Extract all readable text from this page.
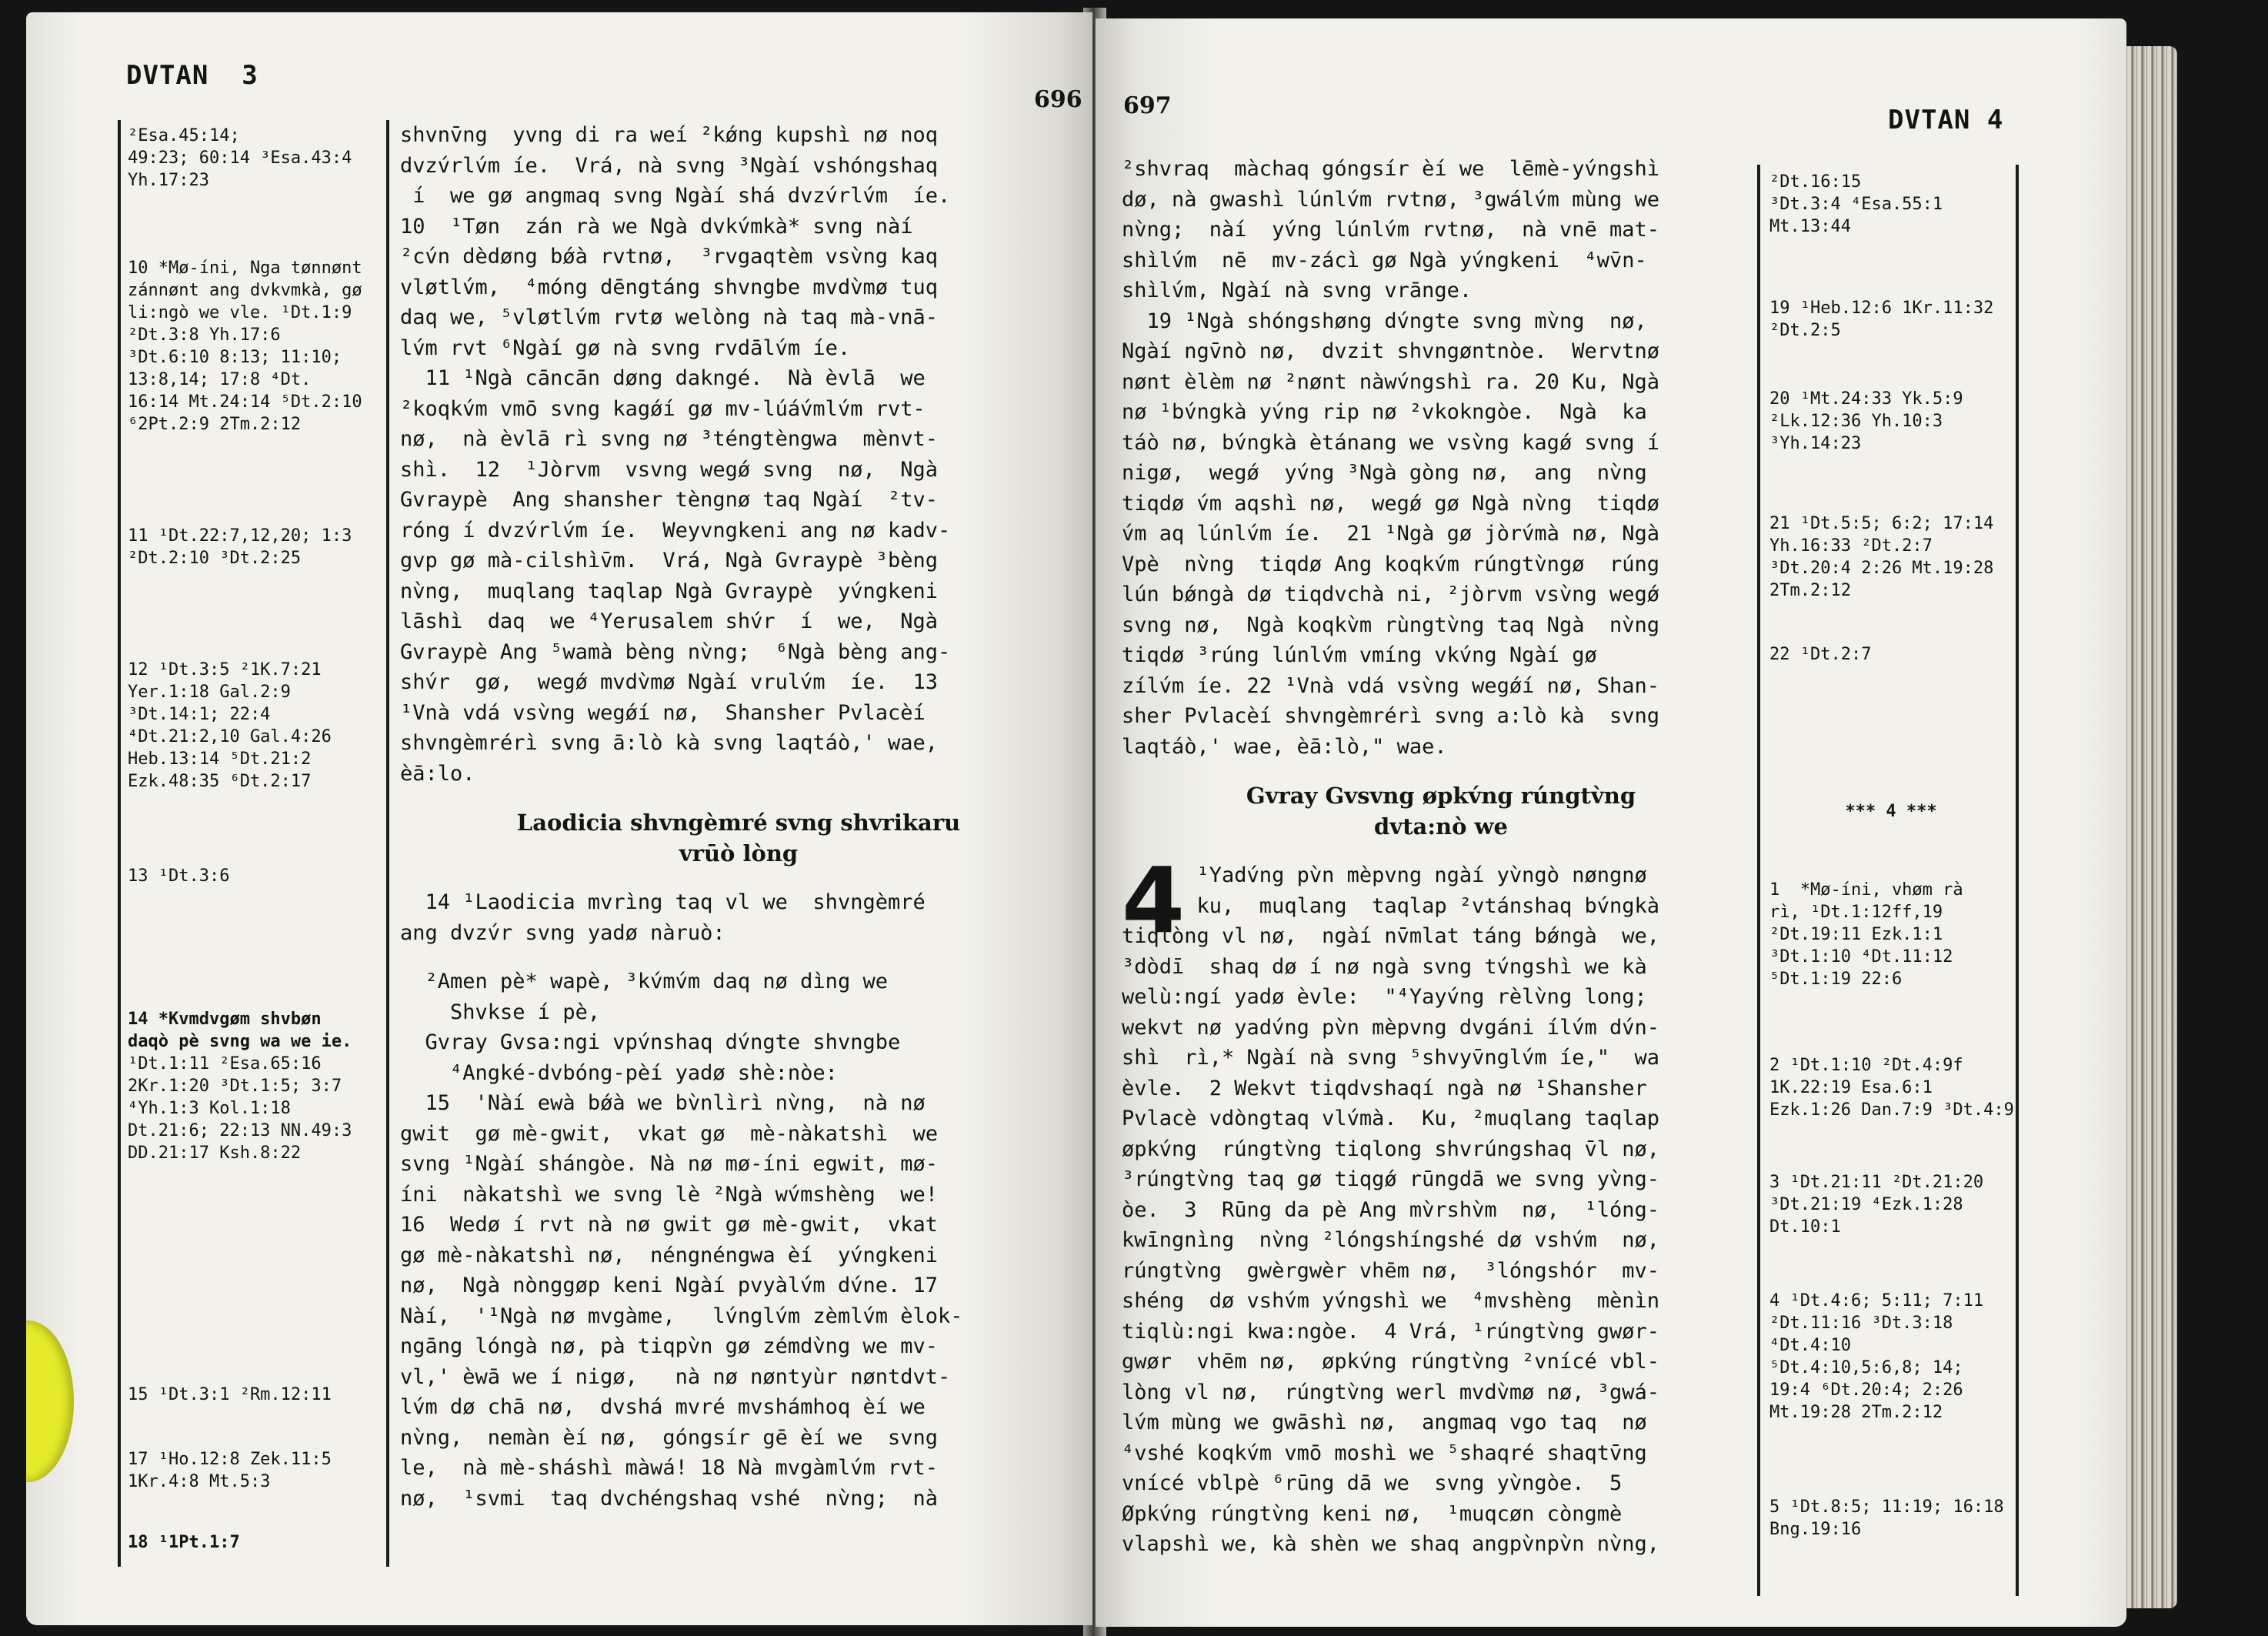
DVTAN  3
696

²Esa.45:14;

49:23; 60:14 ³Esa.43:4

Yh.17:23

10 *Mø-íni, Nga tønnønt

zánnønt ang dvkvmkà, gø

li:ngò we vle. ¹Dt.1:9

²Dt.3:8 Yh.17:6

³Dt.6:10 8:13; 11:10;

13:8,14; 17:8 ⁴Dt.

16:14 Mt.24:14 ⁵Dt.2:10

⁶2Pt.2:9 2Tm.2:12

11 ¹Dt.22:7,12,20; 1:3

²Dt.2:10 ³Dt.2:25

12 ¹Dt.3:5 ²1K.7:21

Yer.1:18 Gal.2:9

³Dt.14:1; 22:4

⁴Dt.21:2,10 Gal.4:26

Heb.13:14 ⁵Dt.21:2

Ezk.48:35 ⁶Dt.2:17

13 ¹Dt.3:6

14 *Kvmdvgøm shvbøn

daqò pè svng wa we ie.

¹Dt.1:11 ²Esa.65:16

2Kr.1:20 ³Dt.1:5; 3:7

⁴Yh.1:3 Kol.1:18

Dt.21:6; 22:13 NN.49:3

DD.21:17 Ksh.8:22

15 ¹Dt.3:1 ²Rm.12:11

17 ¹Ho.12:8 Zek.11:5

1Kr.4:8 Mt.5:3

18 ¹1Pt.1:7

shvnv̄ng  yvng di ra weí ²kǿng kupshì nø noq

dvzv́rlv́m íe.  Vrá, nà svng ³Ngàí vshóngshaq

í  we gø angmaq svng Ngàí shá dvzv́rlv́m  íe.

10  ¹Tøn  zán rà we Ngà dvkv́mkà* svng nàí

²cv́n dèdøng bǿà rvtnø,  ³rvgaqtèm vsv̀ng kaq

vløtlv́m,  ⁴móng dēngtáng shvngbe mvdv̀mø tuq

daq we, ⁵vløtlv́m rvtø welòng nà taq mà-vnā-

lv́m rvt ⁶Ngàí gø nà svng rvdālv́m íe.

11 ¹Ngà cāncān døng dakngé.  Nà èvlā  we

²koqkv́m vmō svng kagǿí gø mv-lúáv́mlv́m rvt-

nø,  nà èvlā rì svng nø ³téngtèngwa  mènvt-

shì.  12  ¹Jòrvm  vsvng wegǿ svng  nø,  Ngà

Gvraypè  Ang shansher tèngnø taq Ngàí  ²tv-

róng í dvzv́rlv́m íe.  Weyvngkeni ang nø kadv-

gvp gø mà-cilshìv̄m.  Vrá, Ngà Gvraypè ³bèng

nv̀ng,  muqlang taqlap Ngà Gvraypè  yv́ngkeni

lāshì  daq  we ⁴Yerusalem shv́r  í  we,  Ngà

Gvraypè Ang ⁵wamà bèng nv̀ng;  ⁶Ngà bèng ang-

shv́r  gø,  wegǿ mvdv̀mø Ngàí vrulv́m  íe.  13

¹Vnà vdá vsv̀ng wegǿí nø,  Shansher Pvlacèí

shvngèmrérì svng ā:lò kà svng laqtáò,' wae,

èā:lo.

Laodicia shvngèmré svng shvrikaru

vrūò lòng

14 ¹Laodicia mvrìng taq vl we  shvngèmré

ang dvzv́r svng yadø nàruò:

²Amen pè* wapè, ³kv́mv́m daq nø dìng we

Shvkse í pè,

Gvray Gvsa:ngi vpv́nshaq dv́ngte shvngbe

⁴Angké-dvbóng-pèí yadø shè:nòe:

15  'Nàí ewà bǿà we bv̀nlìrì nv̀ng,  nà nø

gwit  gø mè-gwit,  vkat gø  mè-nàkatshì  we

svng ¹Ngàí shángòe. Nà nø mø-íni egwit, mø-

íni  nàkatshì we svng lè ²Ngà wv́mshèng  we!

16  Wedø í rvt nà nø gwit gø mè-gwit,  vkat

gø mè-nàkatshì nø,  néngnéngwa èí  yv́ngkeni

nø,  Ngà nònggøp keni Ngàí pvyàlv́m dv́ne. 17

Nàí,  '¹Ngà nø mvgàme,   lv́nglv́m zèmlv́m èlok-

ngāng lóngà nø, pà tiqpv̀n gø zémdv̀ng we mv-

vl,' èwā we í nigø,   nà nø nøntyùr nøntdvt-

lv́m dø chā nø,  dvshá mvré mvshámhoq èí we

nv̀ng,  nemàn èí nø,  góngsír gē èí we  svng

le,  nà mè-sháshì màwá! 18 Nà mvgàmlv́m rvt-

nø,  ¹svmi  taq dvchéngshaq vshé  nv̀ng;  nà

697	DVTAN 4

²shvraq  màchaq góngsír èí we  lēmè-yv́ngshì

dø, nà gwashì lúnlv́m rvtnø, ³gwálv́m mùng we

nv̀ng;  nàí  yv́ng lúnlv́m rvtnø,  nà vnē mat-

shìlv́m  nē  mv-zácì gø Ngà yv́ngkeni  ⁴wv̄n-

shìlv́m, Ngàí nà svng vrānge.

19 ¹Ngà shóngshøng dv́ngte svng mv̀ng  nø,

Ngàí ngv̄nò nø,  dvzit shvngøntnòe.  Wervtnø

nønt èlèm nø ²nønt nàwv́ngshì ra. 20 Ku, Ngà

nø ¹bv́ngkà yv́ng rip nø ²vkokngòe.  Ngà  ka

táò nø, bv́ngkà ètánang we vsv̀ng kagǿ svng í

nigø,  wegǿ  yv́ng ³Ngà gòng nø,  ang  nv̀ng

tiqdø v́m aqshì nø,  wegǿ gø Ngà nv̀ng  tiqdø

v́m aq lúnlv́m íe.  21 ¹Ngà gø jòrv́mà nø, Ngà

Vpè  nv̀ng  tiqdø Ang koqkv́m rúngtv̀ngø  rúng

lún bǿngà dø tiqdvchà ni, ²jòrvm vsv̀ng wegǿ

svng nø,  Ngà koqkv̀m rùngtv̀ng taq Ngà  nv̀ng

tiqdø ³rúng lúnlv́m vmíng vkv́ng Ngàí gø

zílv́m íe. 22 ¹Vnà vdá vsv̀ng wegǿí nø, Shan-

sher Pvlacèí shvngèmrérì svng a:lò kà  svng

laqtáò,' wae, èā:lò," wae.

Gvray Gvsvng øpkv́ng rúngtv̀ng

dvta:nò we

4

¹Yadv́ng pv̀n mèpvng ngàí yv̀ngò nøngnø

ku,  muqlang  taqlap ²vtánshaq bv́ngkà

tiqlòng vl nø,  ngàí nv̄mlat táng bǿngà  we,

³dòdī  shaq dø í nø ngà svng tv́ngshì we kà

welù:ngí yadø èvle:  "⁴Yayv́ng rèlv̀ng long;

wekvt nø yadv́ng pv̀n mèpvng dvgáni ílv́m dv́n-

shì  rì,* Ngàí nà svng ⁵shvyv̄nglv́m íe,"  wa

èvle.  2 Wekvt tiqdvshaqí ngà nø ¹Shansher

Pvlacè vdòngtaq vlv́mà.  Ku, ²muqlang taqlap

øpkv́ng  rúngtv̀ng tiqlong shvrúngshaq v̄l nø,

³rúngtv̀ng taq gø tiqgǿ rūngdā we svng yv̀ng-

òe.  3  Rūng da pè Ang mv̀rshv̀m  nø,  ¹lóng-

kwīngnìng  nv̀ng ²lóngshíngshé dø vshv́m  nø,

rúngtv̀ng  gwèrgwèr vhēm nø,  ³lóngshór  mv-

shéng  dø vshv́m yv́ngshì we  ⁴mvshèng  mènìn

tiqlù:ngi kwa:ngòe.  4 Vrá, ¹rúngtv̀ng gwør-

gwør  vhēm nø,  øpkv́ng rúngtv̀ng ²vnícé vbl-

lòng vl nø,  rúngtv̀ng werl mvdv̀mø nø, ³gwá-

lv́m mùng we gwāshì nø,  angmaq vgo taq  nø

⁴vshé koqkv́m vmō moshì we ⁵shaqré shaqtv̄ng

vnícé vblpè ⁶rūng dā we  svng yv̀ngòe.  5

Øpkv́ng rúngtv̀ng keni nø,  ¹muqcøn còngmè

vlapshì we, kà shèn we shaq angpv̀npv̀n nv̀ng,

²Dt.16:15

³Dt.3:4 ⁴Esa.55:1

Mt.13:44

19 ¹Heb.12:6 1Kr.11:32

²Dt.2:5

20 ¹Mt.24:33 Yk.5:9

²Lk.12:36 Yh.10:3

³Yh.14:23

21 ¹Dt.5:5; 6:2; 17:14

Yh.16:33 ²Dt.2:7

³Dt.20:4 2:26 Mt.19:28

2Tm.2:12

22 ¹Dt.2:7

*** 4 ***

1  *Mø-íni, vhøm rà

rì, ¹Dt.1:12ff,19

²Dt.19:11 Ezk.1:1

³Dt.1:10 ⁴Dt.11:12

⁵Dt.1:19 22:6

2 ¹Dt.1:10 ²Dt.4:9f

1K.22:19 Esa.6:1

Ezk.1:26 Dan.7:9 ³Dt.4:9

3 ¹Dt.21:11 ²Dt.21:20

³Dt.21:19 ⁴Ezk.1:28

Dt.10:1

4 ¹Dt.4:6; 5:11; 7:11

²Dt.11:16 ³Dt.3:18

⁴Dt.4:10

⁵Dt.4:10,5:6,8; 14;

19:4 ⁶Dt.20:4; 2:26

Mt.19:28 2Tm.2:12

5 ¹Dt.8:5; 11:19; 16:18

Bng.19:16
